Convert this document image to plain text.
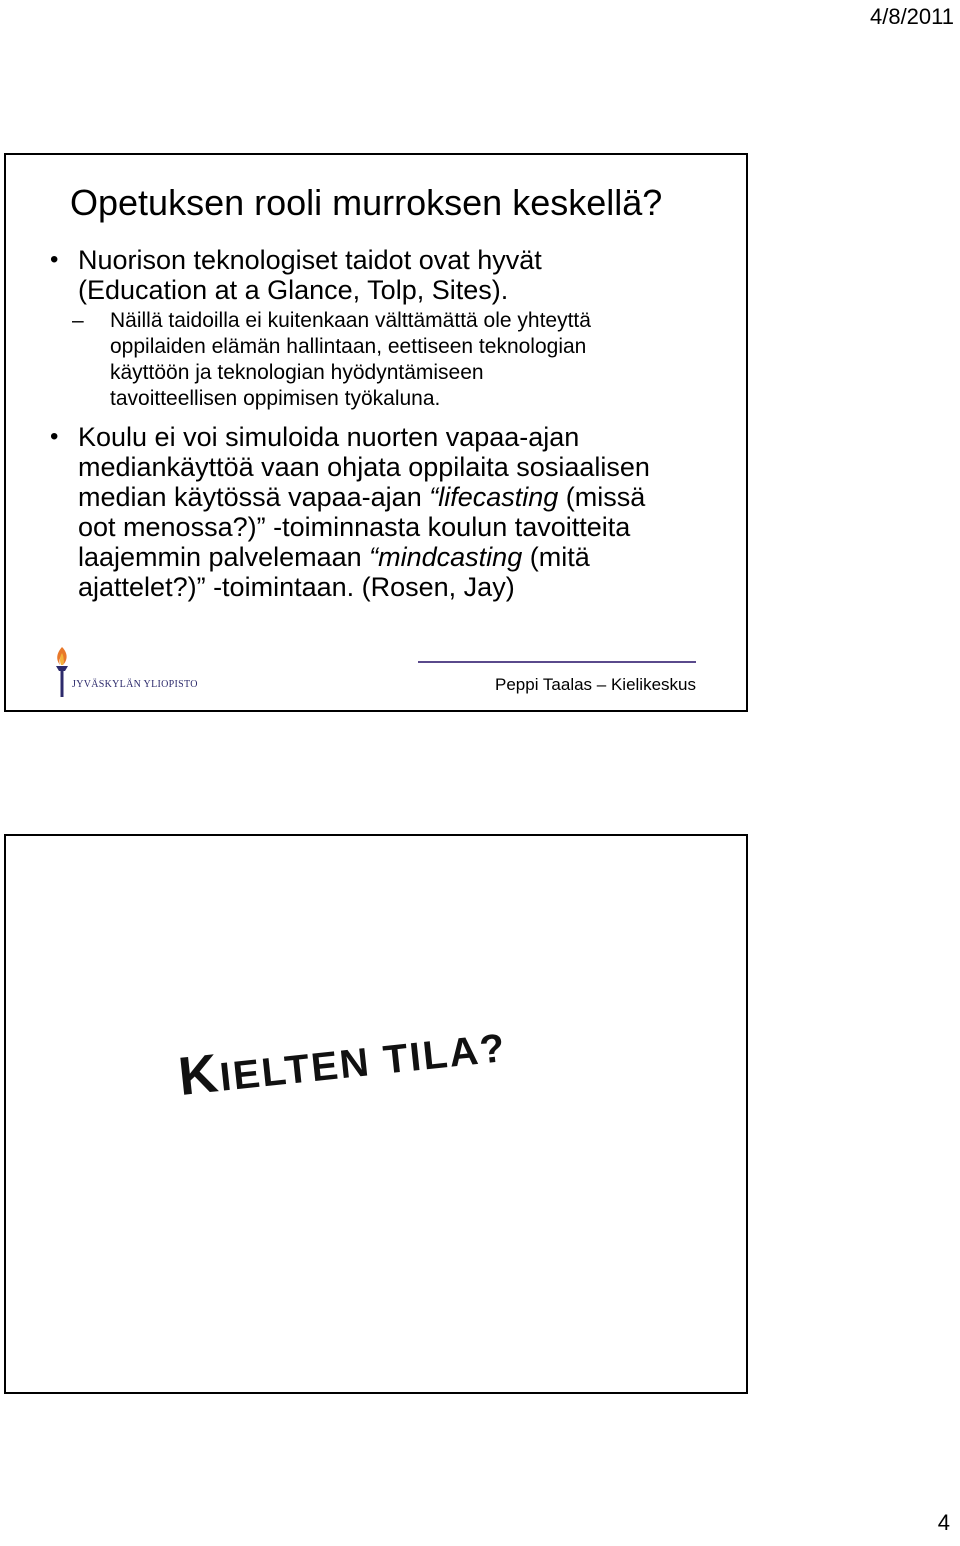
4/8/2011
Opetuksen rooli murroksen keskellä?
• Nuorison teknologiset taidot ovat hyvät
(Education at a Glance, Tolp, Sites).
– Näillä taidoilla ei kuitenkaan välttämättä ole yhteyttä
oppilaiden elämän hallintaan, eettiseen teknologian
käyttöön ja teknologian hyödyntämiseen
tavoitteellisen oppimisen työkaluna.
• Koulu ei voi simuloida nuorten vapaa-ajan
mediankäyttöä vaan ohjata oppilaita sosiaalisen
median käytössä vapaa-ajan “lifecasting (missä
oot menossa?)” -toiminnasta koulun tavoitteita
laajemmin palvelemaan “mindcasting (mitä
ajattelet?)” -toimintaan. (Rosen, Jay)
JYVÄSKYLÄN YLIOPISTO	Peppi Taalas – Kielikeskus
KIELTEN TILA?
4
